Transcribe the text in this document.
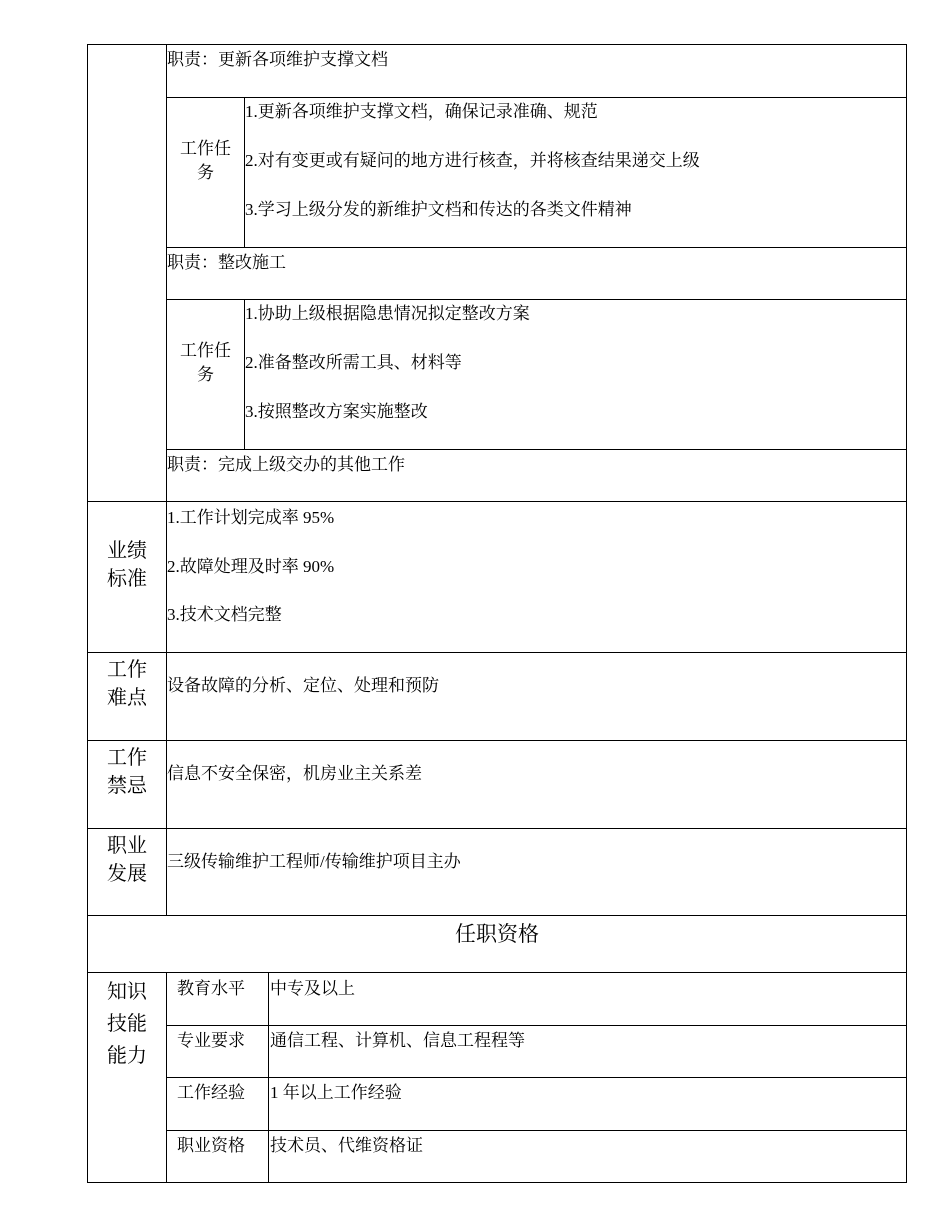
职责：更新各项维护支撑文档
工作任务
1.更新各项维护支撑文档，确保记录准确、规范
2.对有变更或有疑问的地方进行核查，并将核查结果递交上级
3.学习上级分发的新维护文档和传达的各类文件精神
职责：整改施工
工作任务
1.协助上级根据隐患情况拟定整改方案
2.准备整改所需工具、材料等
3.按照整改方案实施整改
职责：完成上级交办的其他工作
业绩标准
1.工作计划完成率 95%
2.故障处理及时率 90%
3.技术文档完整
工作难点
设备故障的分析、定位、处理和预防
工作禁忌
信息不安全保密，机房业主关系差
职业发展
三级传输维护工程师/传输维护项目主办
任职资格
知识技能能力
教育水平 中专及以上
专业要求 通信工程、计算机、信息工程程等
工作经验 1 年以上工作经验
职业资格 技术员、代维资格证
